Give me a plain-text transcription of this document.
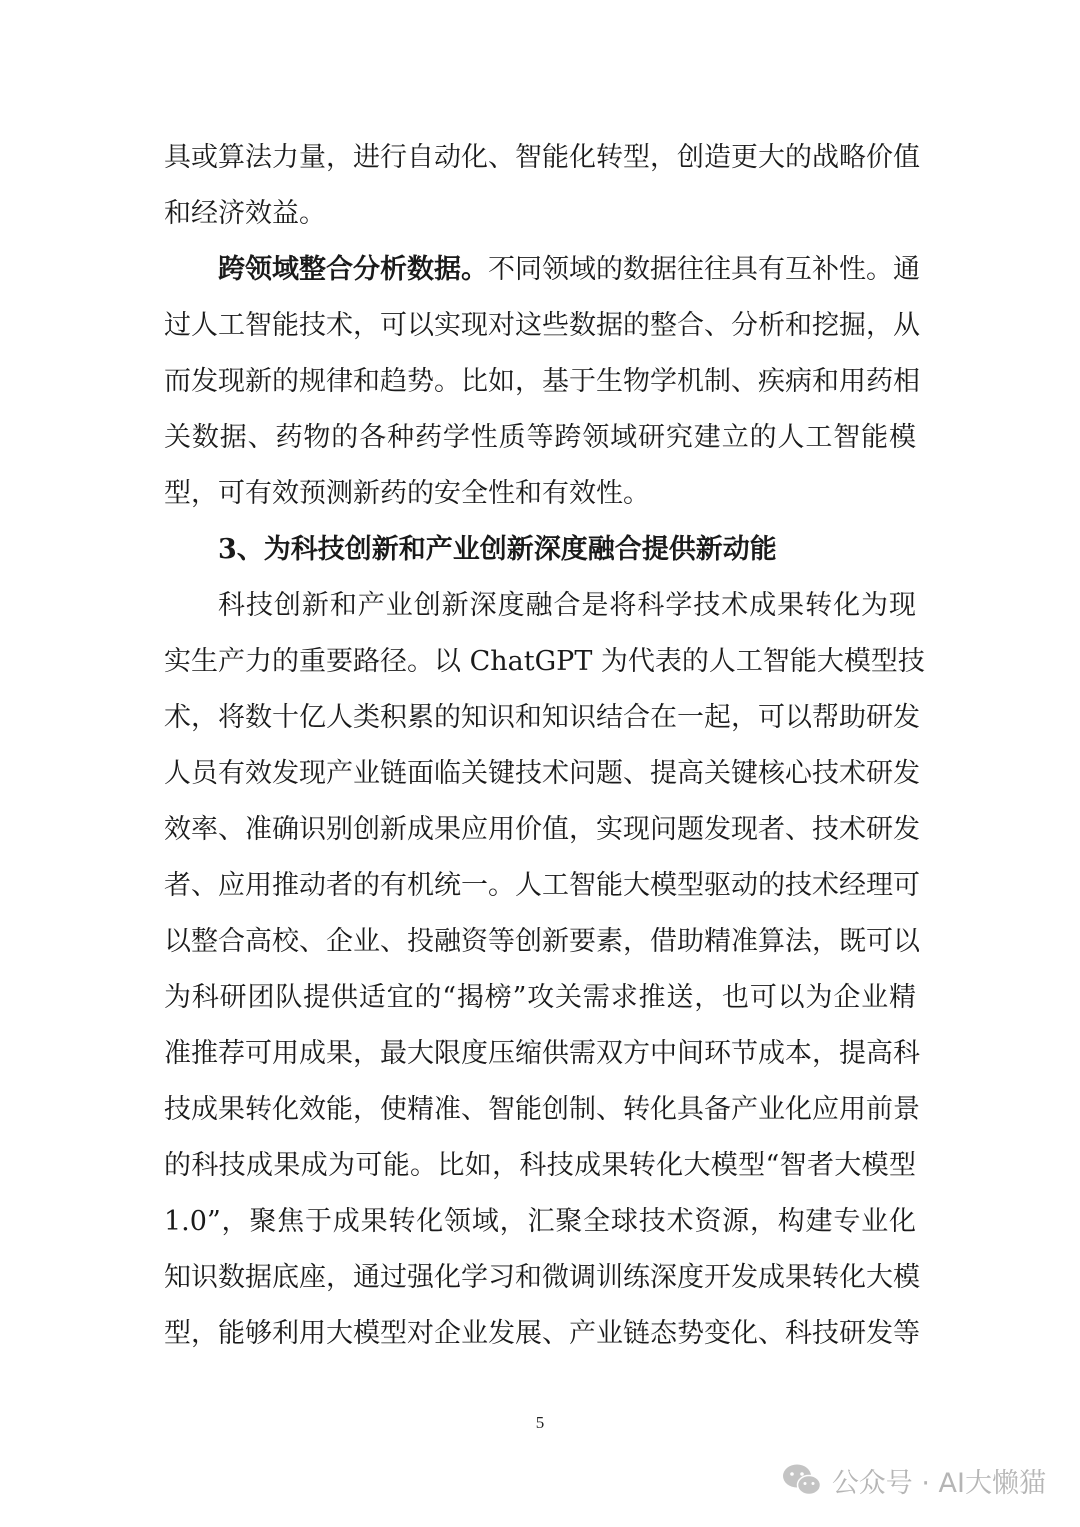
具或算法力量，进行自动化、智能化转型，创造更大的战略价值
和经济效益。
跨领域整合分析数据。不同领域的数据往往具有互补性。通
过人工智能技术，可以实现对这些数据的整合、分析和挖掘，从
而发现新的规律和趋势。比如，基于生物学机制、疾病和用药相
关数据、药物的各种药学性质等跨领域研究建立的人工智能模
型，可有效预测新药的安全性和有效性。
3、为科技创新和产业创新深度融合提供新动能
科技创新和产业创新深度融合是将科学技术成果转化为现
实生产力的重要路径。以 ChatGPT 为代表的人工智能大模型技
术，将数十亿人类积累的知识和知识结合在一起，可以帮助研发
人员有效发现产业链面临关键技术问题、提高关键核心技术研发
效率、准确识别创新成果应用价值，实现问题发现者、技术研发
者、应用推动者的有机统一。人工智能大模型驱动的技术经理可
以整合高校、企业、投融资等创新要素，借助精准算法，既可以
为科研团队提供适宜的“揭榜”攻关需求推送，也可以为企业精
准推荐可用成果，最大限度压缩供需双方中间环节成本，提高科
技成果转化效能，使精准、智能创制、转化具备产业化应用前景
的科技成果成为可能。比如，科技成果转化大模型“智者大模型
1.0”，聚焦于成果转化领域，汇聚全球技术资源，构建专业化
知识数据底座，通过强化学习和微调训练深度开发成果转化大模
型，能够利用大模型对企业发展、产业链态势变化、科技研发等
5
公众号 · AI大懒猫
